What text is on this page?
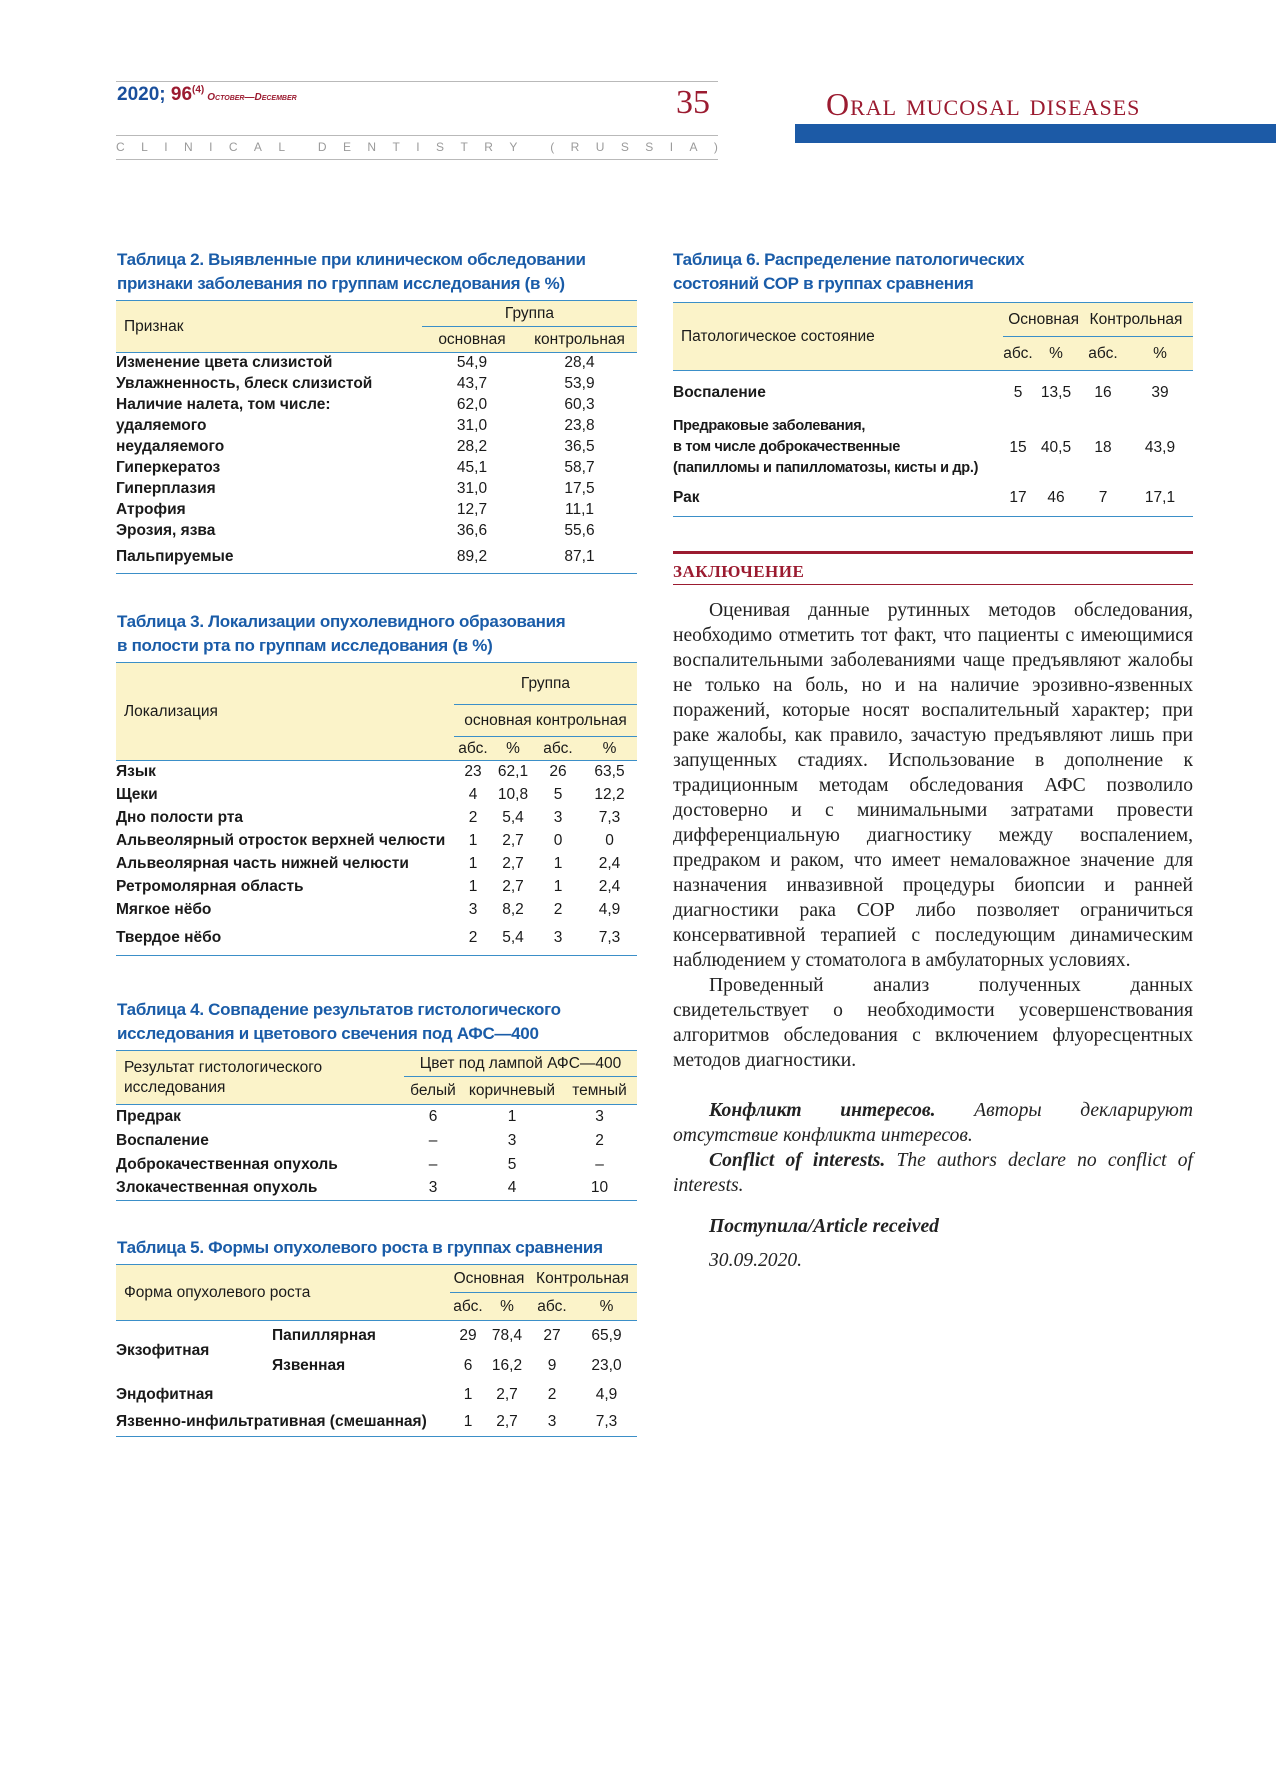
2020; 96$^{(4)}$October—December	35
C L I N I C A L	D E N T I S T R Y	( R U S S I A )
Oral mucosal diseases
Таблица 2. Выявленные при клиническом обследовании
признаки заболевания по группам исследования (в %)
Признак	Группа	
	основная	контрольная
Изменение цвета слизистой	54,9	28,4
Увлажненность, блеск слизистой	43,7	53,9
Наличие налета, том числе:	62,0	60,3
удаляемого	31,0	23,8
неудаляемого	28,2	36,5
Гиперкератоз	45,1	58,7
Гиперплазия	31,0	17,5
Атрофия	12,7	11,1
Эрозия, язва	36,6	55,6
Пальпируемые	89,2	87,1
Таблица 3. Локализации опухолевидного образования
в полости рта по группам исследования (в %)
Локализация	Группа			
	основная контрольная			
	абс.	%	абс.	%
Язык	23	62,1	26	63,5
Щеки	4	10,8	5	12,2
Дно полости рта	2	5,4	3	7,3
Альвеолярный отросток верхней челюсти	1	2,7	0	0
Альвеолярная часть нижней челюсти	1	2,7	1	2,4
Ретромолярная область	1	2,7	1	2,4
Мягкое нёбо	3	8,2	2	4,9
Твердое нёбо	2	5,4	3	7,3
Таблица 4. Совпадение результатов гистологического
исследования и цветового свечения под АФС—400
Результат гистологического
исследования	Цвет под лампой АФС—400		
	белый	коричневый	темный
Предрак	6	1	3
Воспаление	–	3	2
Доброкачественная опухоль	–	5	–
Злокачественная опухоль	3	4	10
Таблица 5. Формы опухолевого роста в группах сравнения
Форма опухолевого роста		Основная		Контрольная	
		абс.	%	абс.	%
Экзофитная	Папиллярная	29	78,4	27	65,9
	Язвенная	6	16,2	9	23,0
Эндофитная		1	2,7	2	4,9
Язвенно-инфильтративная (смешанная)		1	2,7	3	7,3
Таблица 6. Распределение патологических
состояний СОР в группах сравнения
Патологическое состояние	Основная		Контрольная	
	абс.	%	абс.	%
Воспаление	5	13,5	16	39

Предраковые заболевания,
в том числе доброкачественные
(папилломы и папилломатозы, кисты и др.)	15	40,5	18	43,9
Рак	17	46	7	17,1
ЗАКЛЮЧЕНИЕ

Оценивая данные рутинных методов обследования, необходимо отметить тот факт, что пациенты с имеющимися воспалительными заболеваниями чаще предъявляют жалобы не только на боль, но и на наличие эрозивно-язвенных поражений, которые носят воспалительный характер; при раке жалобы, как правило, зачастую предъявляют лишь при запущенных стадиях. Использование в дополнение к традиционным методам обследования АФС позволило достоверно и с минимальными затратами провести дифференциальную диагностику между воспалением, предраком и раком, что имеет немаловажное значение для назначения инвазивной процедуры биопсии и ранней диагностики рака СОР либо позволяет ограничиться консервативной терапией с последующим динамическим наблюдением у стоматолога в амбулаторных условиях.

Проведенный анализ полученных данных свидетельствует о необходимости усовершенствования алгоритмов обследования с включением флуоресцентных методов диагностики.

Конфликт интересов. Авторы декларируют отсутствие конфликта интересов.

Conflict of interests. The authors declare no conflict of interests.

Поступила/Article received

30.09.2020.
